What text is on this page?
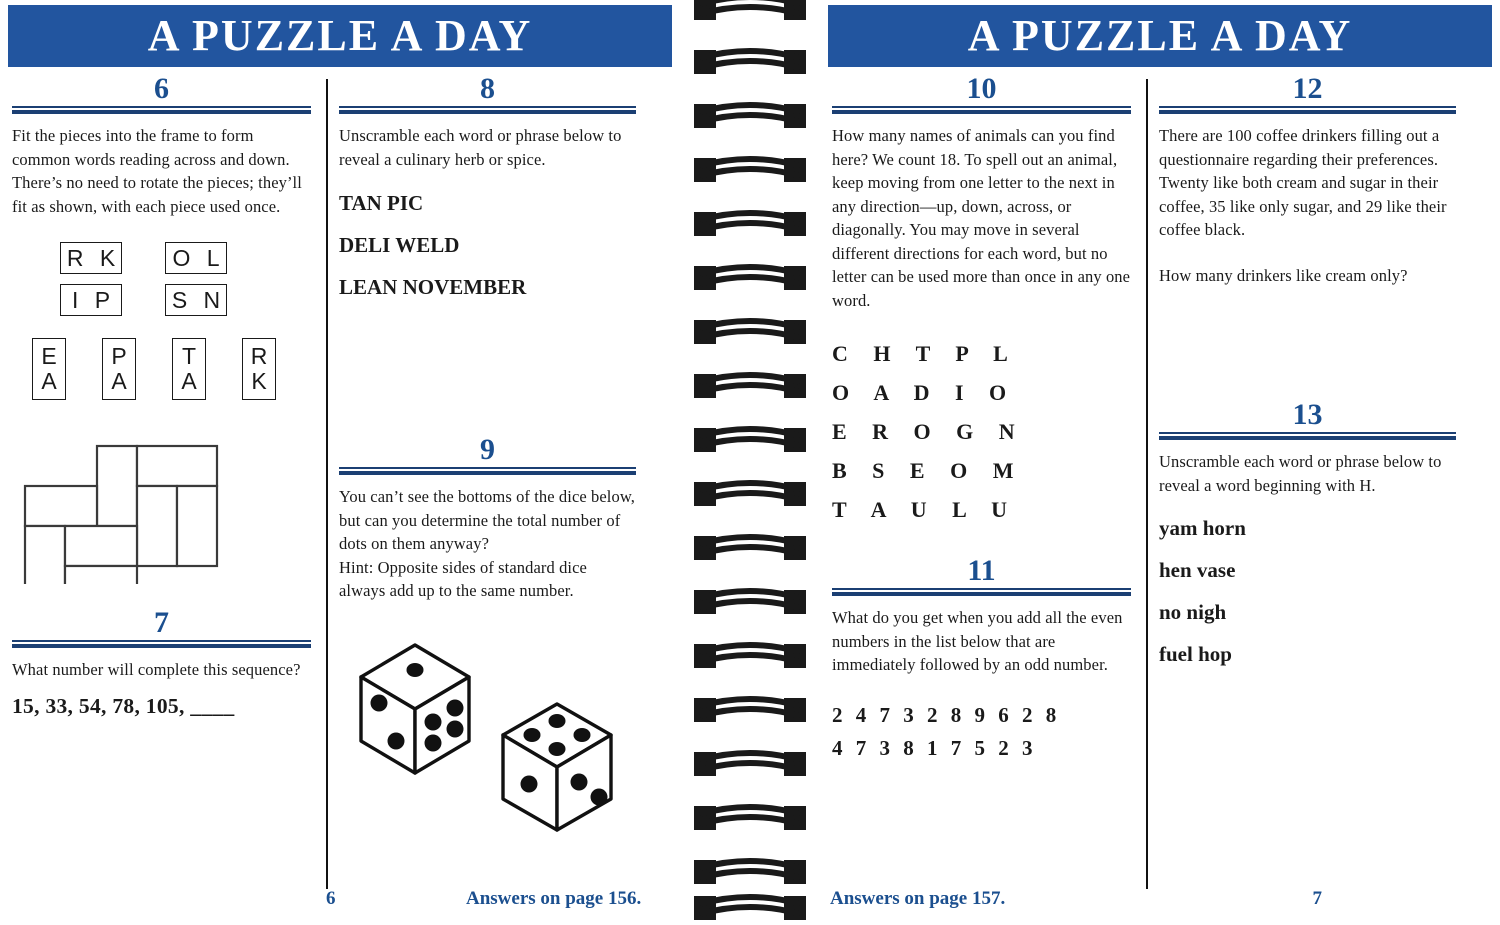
A PUZZLE A DAY
6
Fit the pieces into the frame to form common words reading across and down. There’s no need to rotate the pieces; they’ll fit as shown, with each piece used once.
R K	O L
I P	S N
E
A
P
A
T
A
R
K
7
What number will complete this sequence?
15, 33, 54, 78, 105, ____
8
Unscramble each word or phrase below to reveal a culinary herb or spice.
TAN PIC
DELI WELD
LEAN NOVEMBER
9
You can’t see the bottoms of the dice below, but can you determine the total number of dots on them anyway?
Hint: Opposite sides of standard dice always add up to the same number.
6	Answers on page 156.
A PUZZLE A DAY
10
How many names of animals can you find here? We count 18. To spell out an animal, keep moving from one letter to the next in any direction—up, down, across, or diagonally. You may move in several different directions for each word, but no letter can be used more than once in any one word.
C H T P L
O A D I O
E R O G N
B S E O M
T A U L U
11
What do you get when you add all the even numbers in the list below that are immediately followed by an odd number.
2 4 7 3 2 8 9 6 2 8
4 7 3 8 1 7 5 2 3
12
There are 100 coffee drinkers filling out a questionnaire regarding their preferences. Twenty like both cream and sugar in their coffee, 35 like only sugar, and 29 like their coffee black.
How many drinkers like cream only?
13
Unscramble each word or phrase below to reveal a word beginning with H.
yam horn
hen vase
no nigh
fuel hop
Answers on page 157.	7
